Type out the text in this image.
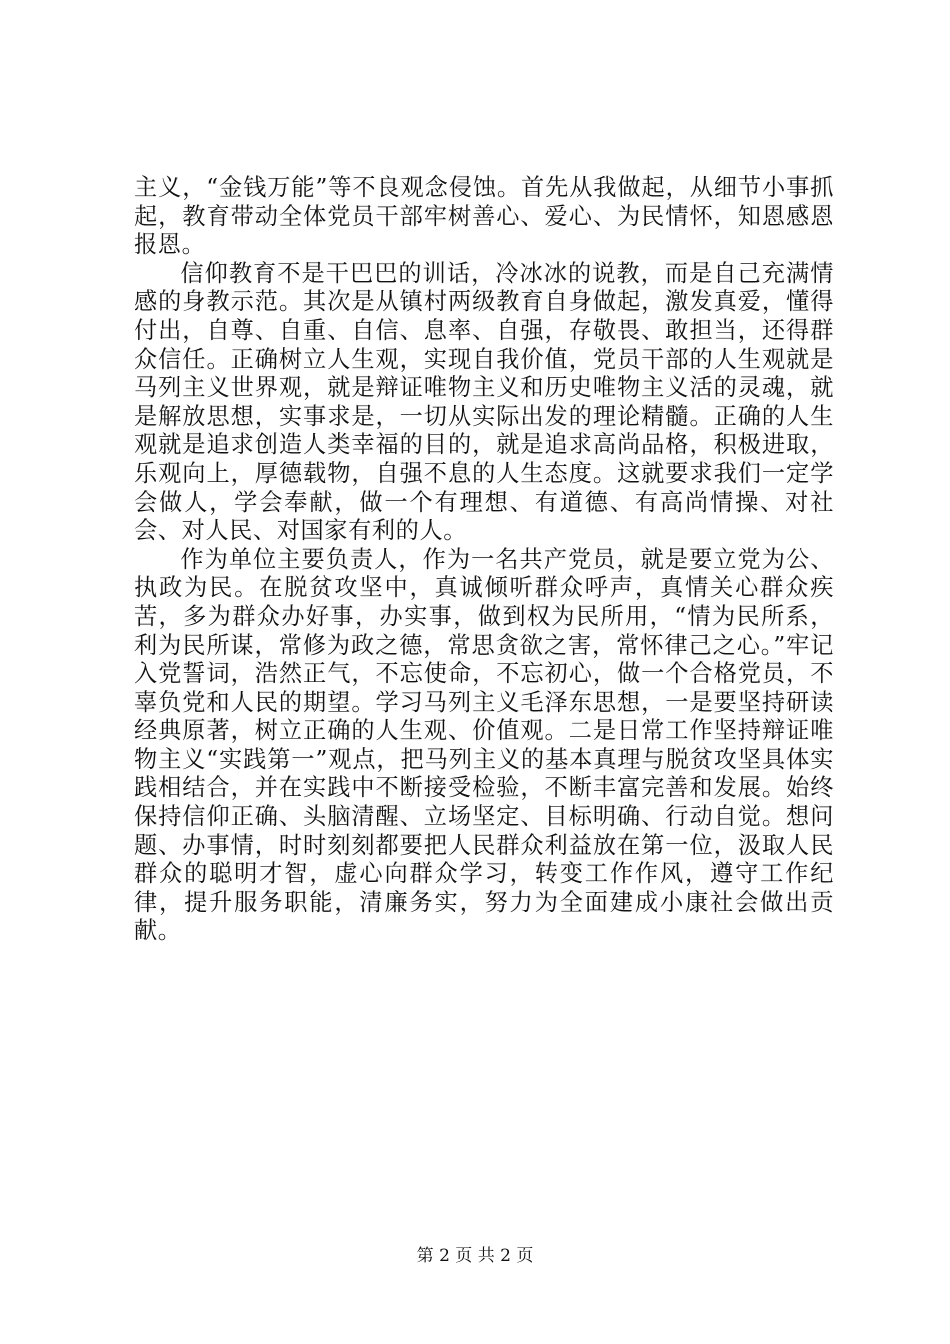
主义，“金钱万能”等不良观念侵蚀。首先从我做起，从细节小事抓起，教育带动全体党员干部牢树善心、爱心、为民情怀，知恩感恩报恩。

信仰教育不是干巴巴的训话，冷冰冰的说教，而是自己充满情感的身教示范。其次是从镇村两级教育自身做起，激发真爱，懂得付出，自尊、自重、自信、息率、自强，存敬畏、敢担当，还得群众信任。正确树立人生观，实现自我价值，党员干部的人生观就是马列主义世界观，就是辩证唯物主义和历史唯物主义活的灵魂，就是解放思想，实事求是，一切从实际出发的理论精髓。正确的人生观就是追求创造人类幸福的目的，就是追求高尚品格，积极进取，乐观向上，厚德载物，自强不息的人生态度。这就要求我们一定学会做人，学会奉献，做一个有理想、有道德、有高尚情操、对社会、对人民、对国家有利的人。

作为单位主要负责人，作为一名共产党员，就是要立党为公、执政为民。在脱贫攻坚中，真诚倾听群众呼声，真情关心群众疾苦，多为群众办好事，办实事，做到权为民所用，“情为民所系，利为民所谋，常修为政之德，常思贪欲之害，常怀律己之心。”牢记入党誓词，浩然正气，不忘使命，不忘初心，做一个合格党员，不辜负党和人民的期望。学习马列主义毛泽东思想，一是要坚持研读经典原著，树立正确的人生观、价值观。二是日常工作坚持辩证唯物主义“实践第一”观点，把马列主义的基本真理与脱贫攻坚具体实践相结合，并在实践中不断接受检验，不断丰富完善和发展。始终保持信仰正确、头脑清醒、立场坚定、目标明确、行动自觉。想问题、办事情，时时刻刻都要把人民群众利益放在第一位，汲取人民群众的聪明才智，虚心向群众学习，转变工作作风，遵守工作纪律，提升服务职能，清廉务实，努力为全面建成小康社会做出贡献。

第 2 页 共 2 页
